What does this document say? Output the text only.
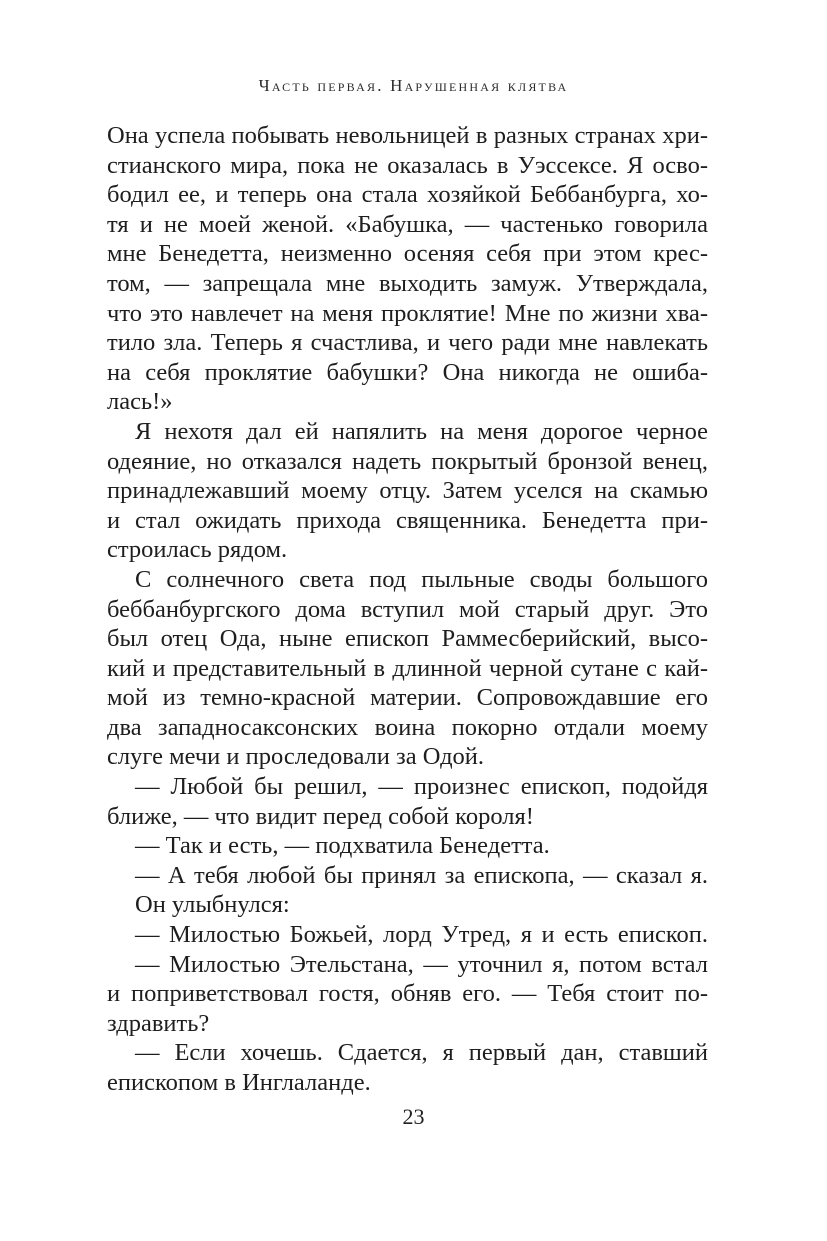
Часть первая. Нарушенная клятва
Она успела побывать невольницей в разных странах хри-
стианского мира, пока не оказалась в Уэссексе. Я осво-
бодил ее, и теперь она стала хозяйкой Беббанбурга, хо-
тя и не моей женой. «Бабушка, — частенько говорила
мне Бенедетта, неизменно осеняя себя при этом крес-
том, — запрещала мне выходить замуж. Утверждала,
что это навлечет на меня проклятие! Мне по жизни хва-
тило зла. Теперь я счастлива, и чего ради мне навлекать
на себя проклятие бабушки? Она никогда не ошиба-
лась!»
Я нехотя дал ей напялить на меня дорогое черное
одеяние, но отказался надеть покрытый бронзой венец,
принадлежавший моему отцу. Затем уселся на скамью
и стал ожидать прихода священника. Бенедетта при-
строилась рядом.
С солнечного света под пыльные своды большого
беббанбургского дома вступил мой старый друг. Это
был отец Ода, ныне епископ Раммесберийский, высо-
кий и представительный в длинной черной сутане с кай-
мой из темно-красной материи. Сопровождавшие его
два западносаксонских воина покорно отдали моему
слуге мечи и проследовали за Одой.
— Любой бы решил, — произнес епископ, подойдя
ближе, — что видит перед собой короля!
— Так и есть, — подхватила Бенедетта.
— А тебя любой бы принял за епископа, — сказал я.
Он улыбнулся:
— Милостью Божьей, лорд Утред, я и есть епископ.
— Милостью Этельстана, — уточнил я, потом встал
и поприветствовал гостя, обняв его. — Тебя стоит по-
здравить?
— Если хочешь. Сдается, я первый дан, ставший
епископом в Инглаланде.
23
